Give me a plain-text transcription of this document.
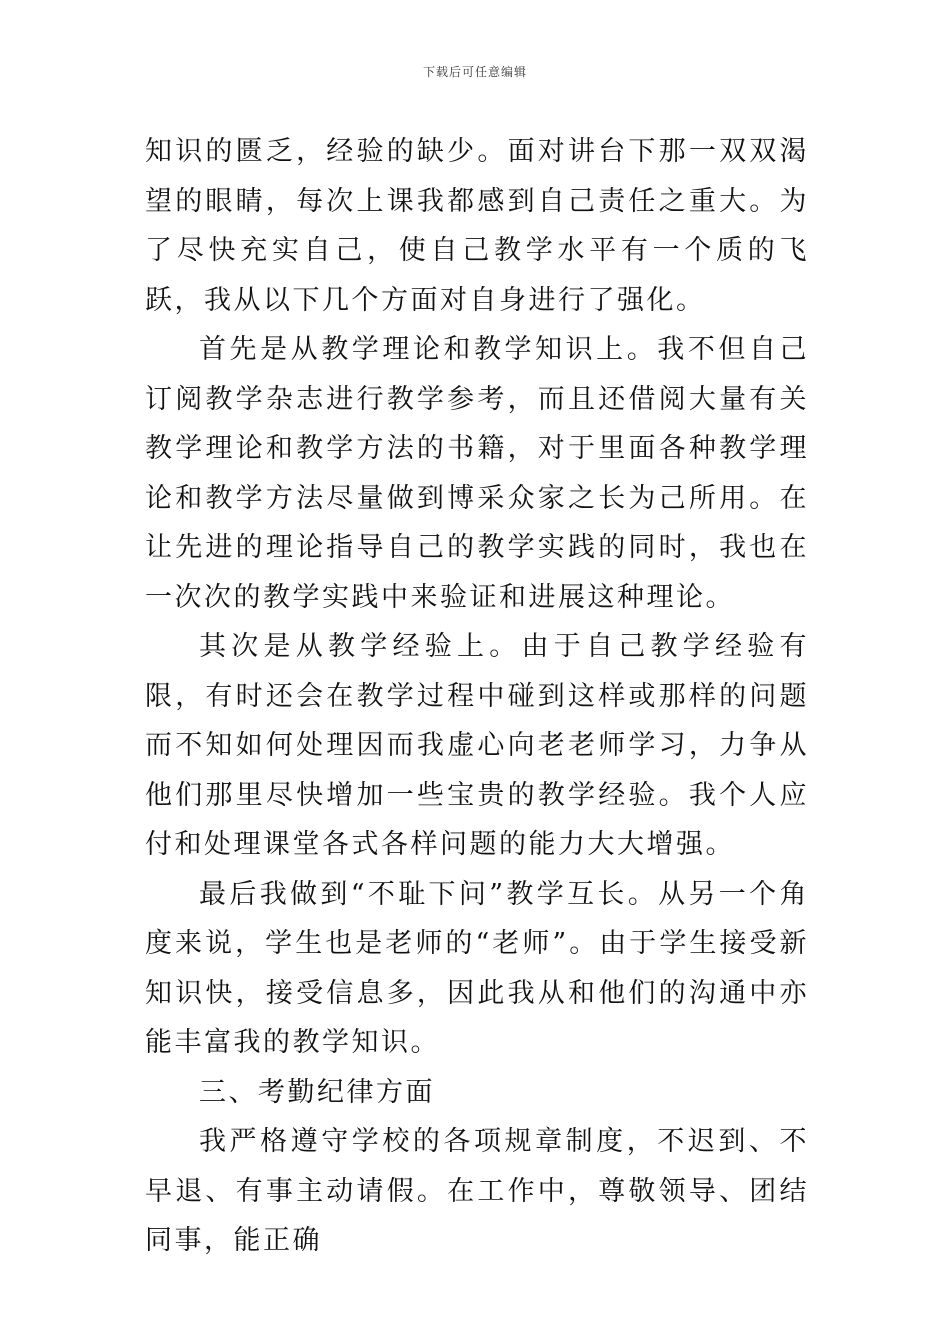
下载后可任意编辑

知识的匮乏，经验的缺少。面对讲台下那一双双渴望的眼睛，每次上课我都感到自己责任之重大。为了尽快充实自己，使自己教学水平有一个质的飞跃，我从以下几个方面对自身进行了强化。

首先是从教学理论和教学知识上。我不但自己订阅教学杂志进行教学参考，而且还借阅大量有关教学理论和教学方法的书籍，对于里面各种教学理论和教学方法尽量做到博采众家之长为己所用。在让先进的理论指导自己的教学实践的同时，我也在一次次的教学实践中来验证和进展这种理论。

其次是从教学经验上。由于自己教学经验有限，有时还会在教学过程中碰到这样或那样的问题而不知如何处理因而我虚心向老老师学习，力争从他们那里尽快增加一些宝贵的教学经验。我个人应付和处理课堂各式各样问题的能力大大增强。

最后我做到“不耻下问”教学互长。从另一个角度来说，学生也是老师的“老师”。由于学生接受新知识快，接受信息多，因此我从和他们的沟通中亦能丰富我的教学知识。

三、考勤纪律方面

我严格遵守学校的各项规章制度，不迟到、不早退、有事主动请假。在工作中，尊敬领导、团结同事，能正确
